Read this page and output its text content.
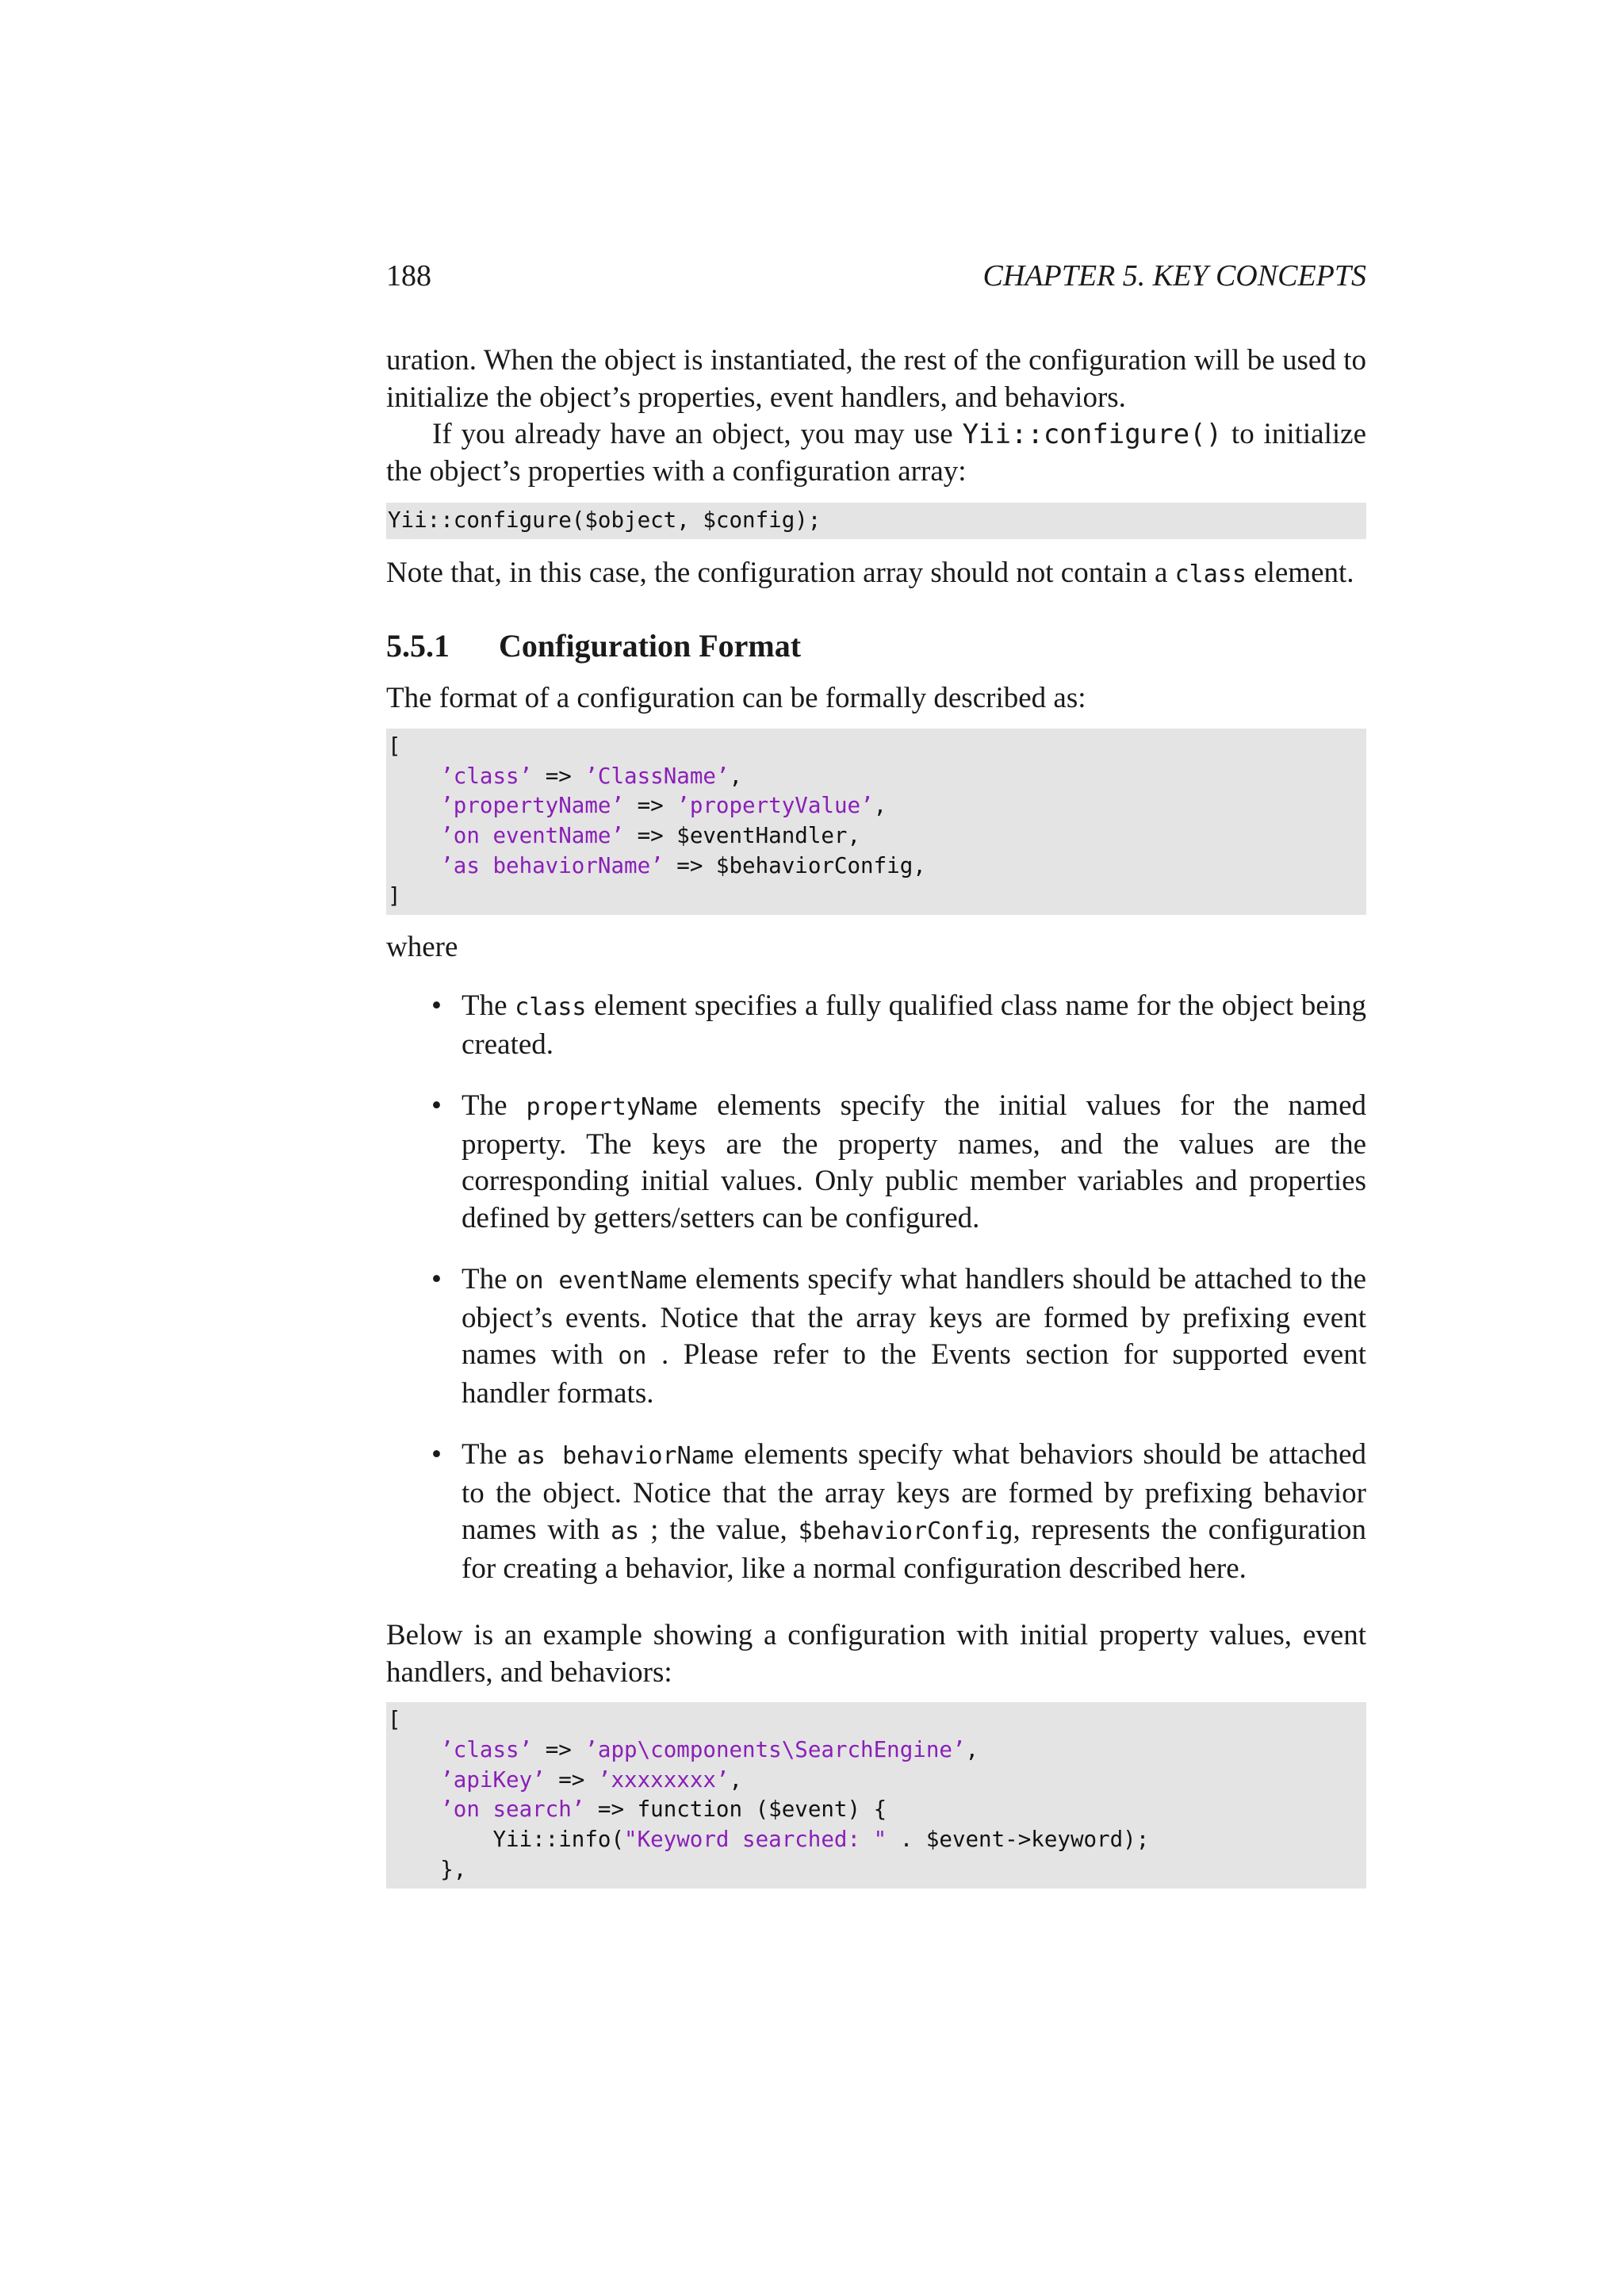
188	CHAPTER 5. KEY CONCEPTS

uration. When the object is instantiated, the rest of the configuration will be used to initialize the object’s properties, event handlers, and behaviors.

If you already have an object, you may use Yii::configure() to initialize the object’s properties with a configuration array:

Yii::configure($object, $config);

Note that, in this case, the configuration array should not contain a class element.

5.5.1 Configuration Format

The format of a configuration can be formally described as:

[
’class’ => ’ClassName’,
’propertyName’ => ’propertyValue’,
’on eventName’ => $eventHandler,
’as behaviorName’ => $behaviorConfig,
]

where

• The class element specifies a fully qualified class name for the object being created.

• The propertyName elements specify the initial values for the named property. The keys are the property names, and the values are the corresponding initial values. Only public member variables and properties defined by getters/setters can be configured.

• The on eventName elements specify what handlers should be attached to the object’s events. Notice that the array keys are formed by prefixing event names with on . Please refer to the Events section for supported event handler formats.

• The as behaviorName elements specify what behaviors should be attached to the object. Notice that the array keys are formed by prefixing behavior names with as ; the value, $behaviorConfig, represents the configuration for creating a behavior, like a normal configuration described here.

Below is an example showing a configuration with initial property values, event handlers, and behaviors:

[
’class’ => ’app\components\SearchEngine’,
’apiKey’ => ’xxxxxxxx’,
’on search’ => function ($event) {
Yii::info("Keyword searched: " . $event->keyword);
},
